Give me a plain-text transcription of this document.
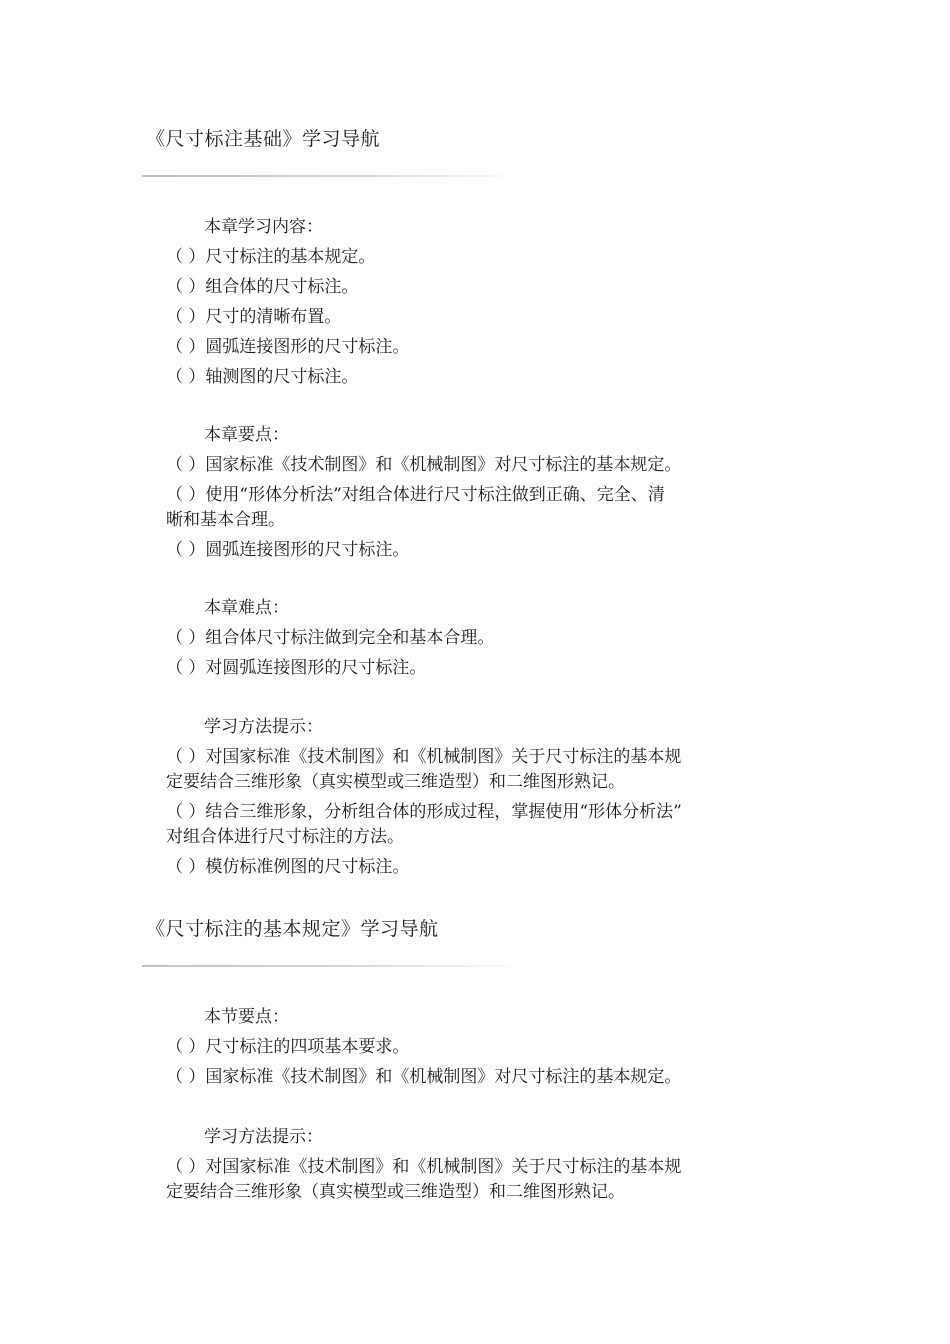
《尺寸标注基础》学习导航
本章学习内容：
（ ）尺寸标注的基本规定。
（ ）组合体的尺寸标注。
（ ）尺寸的清晰布置。
（ ）圆弧连接图形的尺寸标注。
（ ）轴测图的尺寸标注。
本章要点：
（ ）国家标准《技术制图》和《机械制图》对尺寸标注的基本规定。
（ ）使用“形体分析法”对组合体进行尺寸标注做到正确、完全、清
晰和基本合理。
（ ）圆弧连接图形的尺寸标注。
本章难点：
（ ）组合体尺寸标注做到完全和基本合理。
（ ）对圆弧连接图形的尺寸标注。
学习方法提示：
（ ）对国家标准《技术制图》和《机械制图》关于尺寸标注的基本规
定要结合三维形象（真实模型或三维造型）和二维图形熟记。
（ ）结合三维形象，分析组合体的形成过程，掌握使用“形体分析法”
对组合体进行尺寸标注的方法。
（ ）模仿标准例图的尺寸标注。
《尺寸标注的基本规定》学习导航
本节要点：
（ ）尺寸标注的四项基本要求。
（ ）国家标准《技术制图》和《机械制图》对尺寸标注的基本规定。
学习方法提示：
（ ）对国家标准《技术制图》和《机械制图》关于尺寸标注的基本规
定要结合三维形象（真实模型或三维造型）和二维图形熟记。
